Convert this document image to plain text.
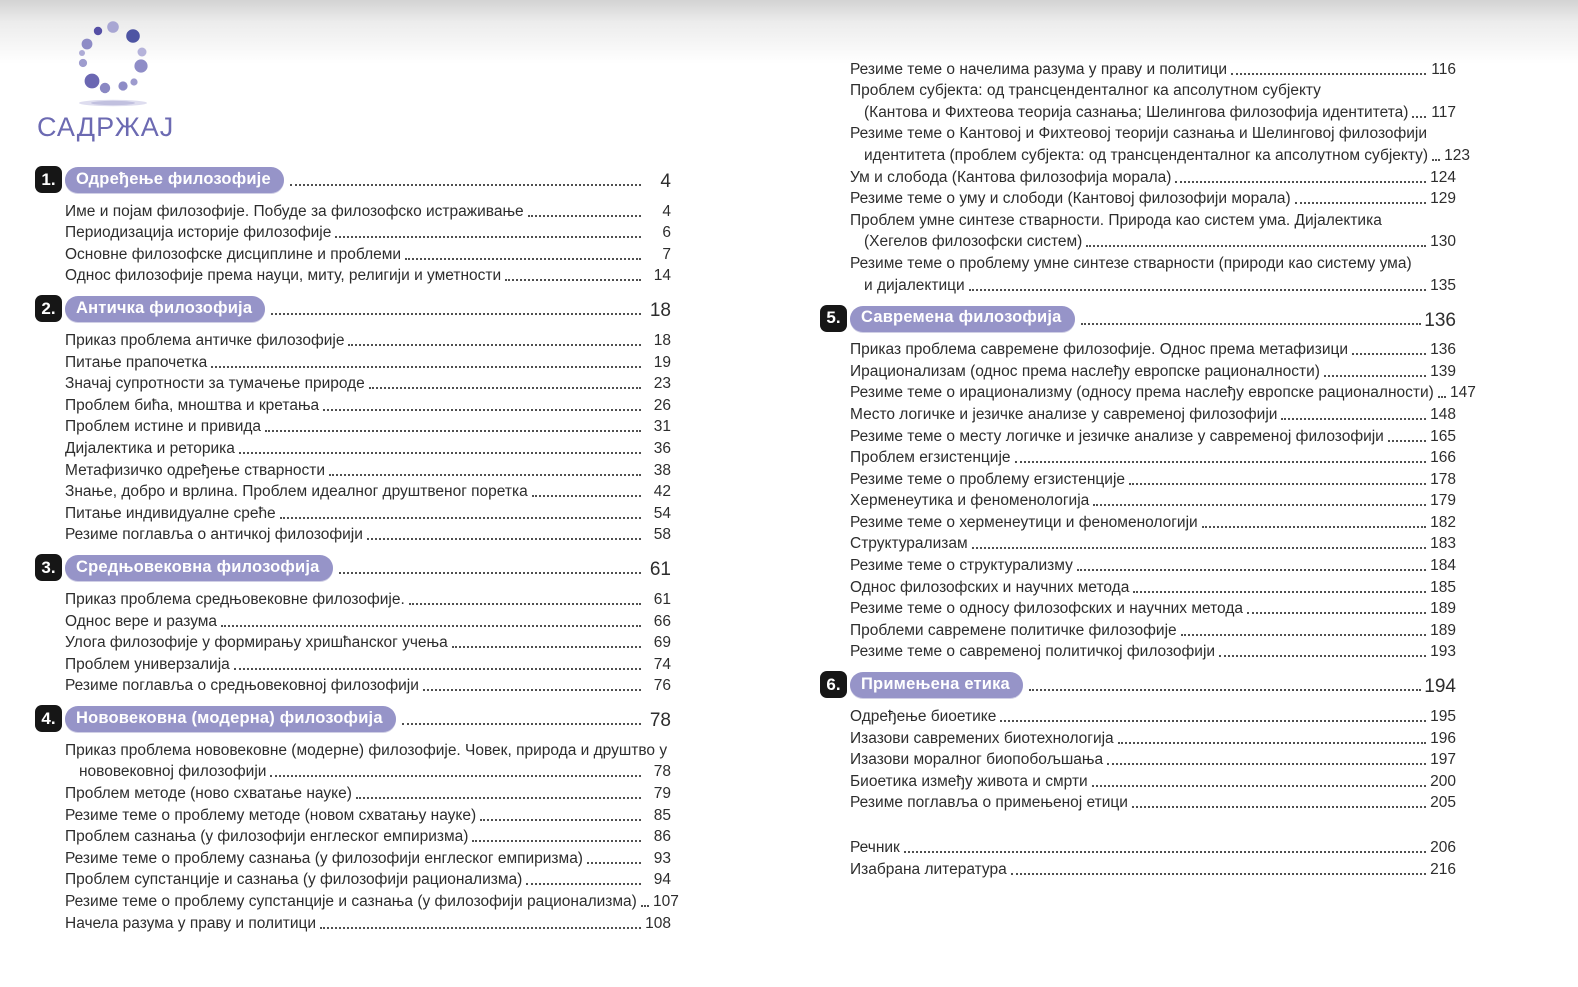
САДРЖАЈ
1.	Одређење филозофије	4
Име и појам филозофије. Побуде за филозофско истраживање	4
Периодизација историје филозофије	6
Основне филозофске дисциплине и проблеми	7
Однос филозофије према науци, миту, религији и уметности	14
2.	Античка филозофија	18
Приказ проблема античке филозофије	18
Питање прапочетка	19
Значај супротности за тумачење природе	23
Проблем бића, мноштва и кретања	26
Проблем истине и привида	31
Дијалектика и реторика	36
Метафизичко одређење стварности	38
Знање, добро и врлина. Проблем идеалног друштвеног поретка	42
Питање индивидуалне среће	54
Резиме поглавља о античкој филозофији	58
3.	Средњовековна филозофија	61
Приказ проблема средњовековне филозофије.	61
Однос вере и разума	66
Улога филозофије у формирању хришћанског учења	69
Проблем универзалија	74
Резиме поглавља о средњовековној филозофији	76
4.	Нововековна (модерна) филозофија	78
Приказ проблема нововековне (модерне) филозофије. Човек, природа и друштво у
нововековној филозофији	78
Проблем методе (ново схватање науке)	79
Резиме теме о проблему методе (новом схватању науке)	85
Проблем сазнања (у филозофији енглеског емпиризма)	86
Резиме теме о проблему сазнања (у филозофији енглеског емпиризма)	93
Проблем супстанције и сазнања (у филозофији рационализма)	94
Резиме теме о проблему супстанције и сазнања (у филозофији рационализма) 107
Начела разума у праву и политици	108
Резиме теме о начелима разума у праву и политици	116
Проблем субјекта: од трансценденталног ка апсолутном субјекту
(Кантова и Фихтеова теорија сазнања; Шелингова филозофија идентитета) 117
Резиме теме о Кантовој и Фихтеовој теорији сазнања и Шелинговој филозофији
идентитета (проблем субјекта: од трансценденталног ка апсолутном субјекту) 123
Ум и слобода (Кантова филозофија морала)	124
Резиме теме о уму и слободи (Кантовој филозофији морала)	129
Проблем умне синтезе стварности. Природа као систем ума. Дијалектика
(Хегелов филозофски систем)	130
Резиме теме о проблему умне синтезе стварности (природи као систему ума)
и дијалектици	135
5.	Савремена филозофија	136
Приказ проблема савремене филозофије. Однос према метафизици	136
Ирационализам (однос према наслеђу европске рационалности)	139
Резиме теме о ирационализму (односу према наслеђу европске рационалности) 147
Место логичке и језичке анализе у савременој филозофији	148
Резиме теме о месту логичке и језичке анализе у савременој филозофији	165
Проблем егзистенције	166
Резиме теме о проблему егзистенције	178
Херменеутика и феноменологија	179
Резиме теме о херменеутици и феноменологији	182
Структурализам	183
Резиме теме о структурализму	184
Однос филозофских и научних метода	185
Резиме теме о односу филозофских и научних метода	189
Проблеми савремене политичке филозофије	189
Резиме теме о савременој политичкој филозофији	193
6.	Примењена етика	194
Одређење биоетике	195
Изазови савремених биотехнологија	196
Изазови моралног биопобољшања	197
Биоетика између живота и смрти	200
Резиме поглавља о примењеној етици	205
Речник	206
Изабрана литература	216
